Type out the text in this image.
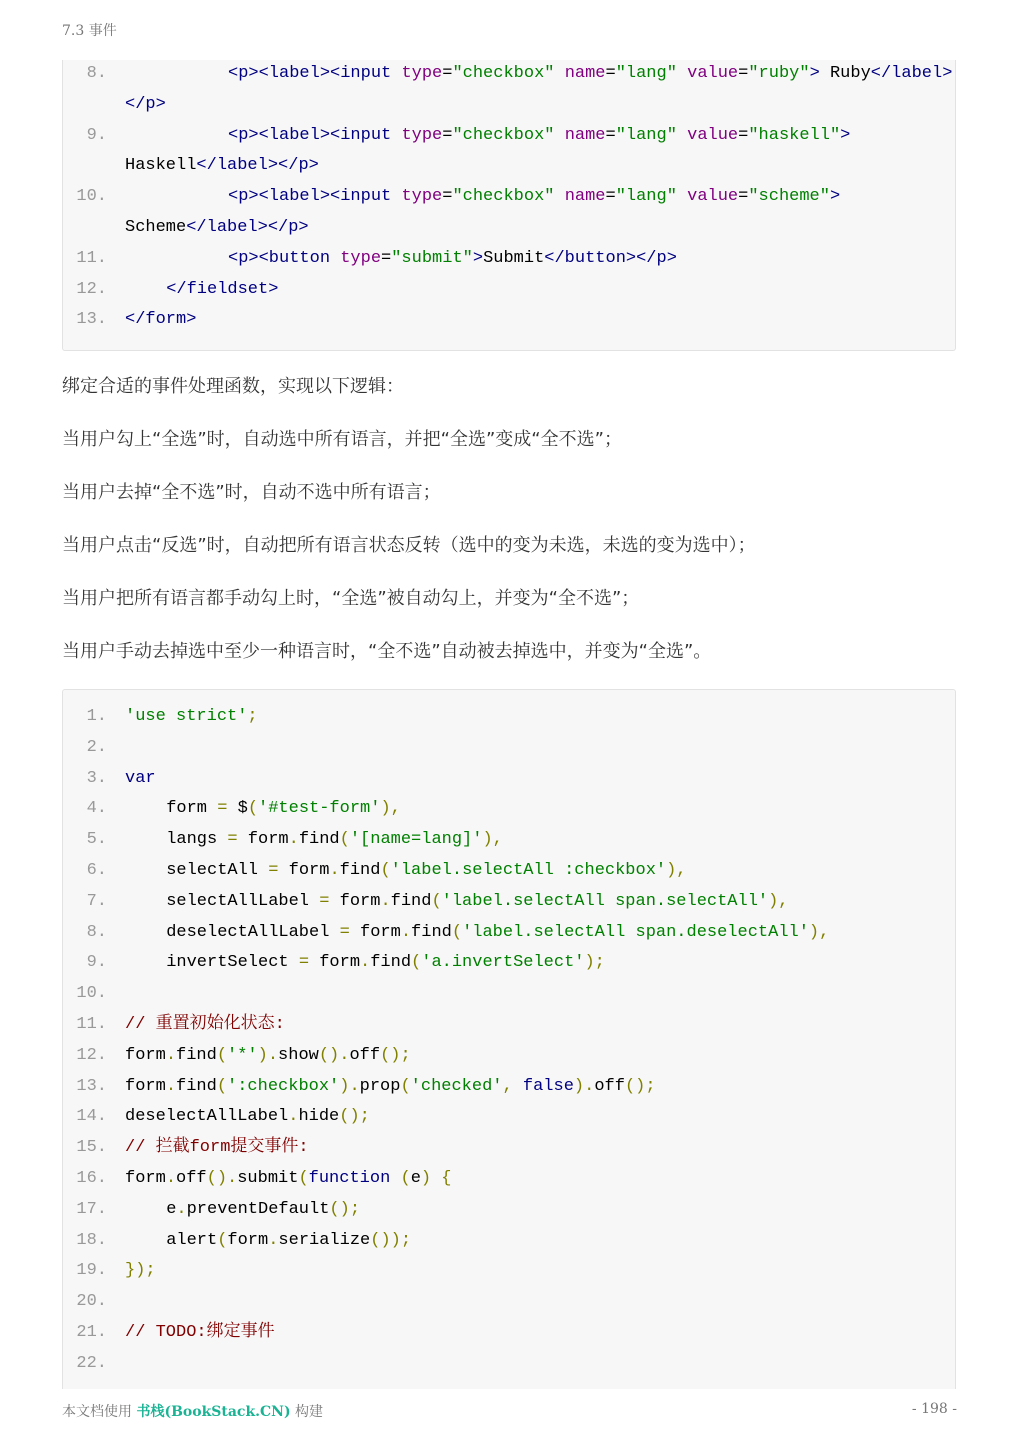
7.3 事件
8.	<p><label><input type="checkbox" name="lang" value="ruby"> Ruby</label>
</p>
9.	<p><label><input type="checkbox" name="lang" value="haskell">
Haskell</label></p>
10.	<p><label><input type="checkbox" name="lang" value="scheme">
Scheme</label></p>
11.	<p><button type="submit">Submit</button></p>
12.	</fieldset>
13. </form>
绑定合适的事件处理函数，实现以下逻辑：
当用户勾上“全选”时，自动选中所有语言，并把“全选”变成“全不选”；
当用户去掉“全不选”时，自动不选中所有语言；
当用户点击“反选”时，自动把所有语言状态反转（选中的变为未选，未选的变为选中）；
当用户把所有语言都手动勾上时，“全选”被自动勾上，并变为“全不选”；
当用户手动去掉选中至少一种语言时，“全不选”自动被去掉选中，并变为“全选”。
1. 'use strict';
2.
3. var
4.	form = $('#test-form'),
5.	langs = form.find('[name=lang]'),
6.	selectAll = form.find('label.selectAll :checkbox'),
7.	selectAllLabel = form.find('label.selectAll span.selectAll'),
8.	deselectAllLabel = form.find('label.selectAll span.deselectAll'),
9.	invertSelect = form.find('a.invertSelect');
10.
11. // 重置初始化状态:
12. form.find('*').show().off();
13. form.find(':checkbox').prop('checked', false).off();
14. deselectAllLabel.hide();
15. // 拦截form提交事件:
16. form.off().submit(function (e) {
17.	e.preventDefault();
18.	alert(form.serialize());
19. });
20.
21. // TODO:绑定事件
22.
本文档使用 书栈(BookStack.CN) 构建	- 198 -
